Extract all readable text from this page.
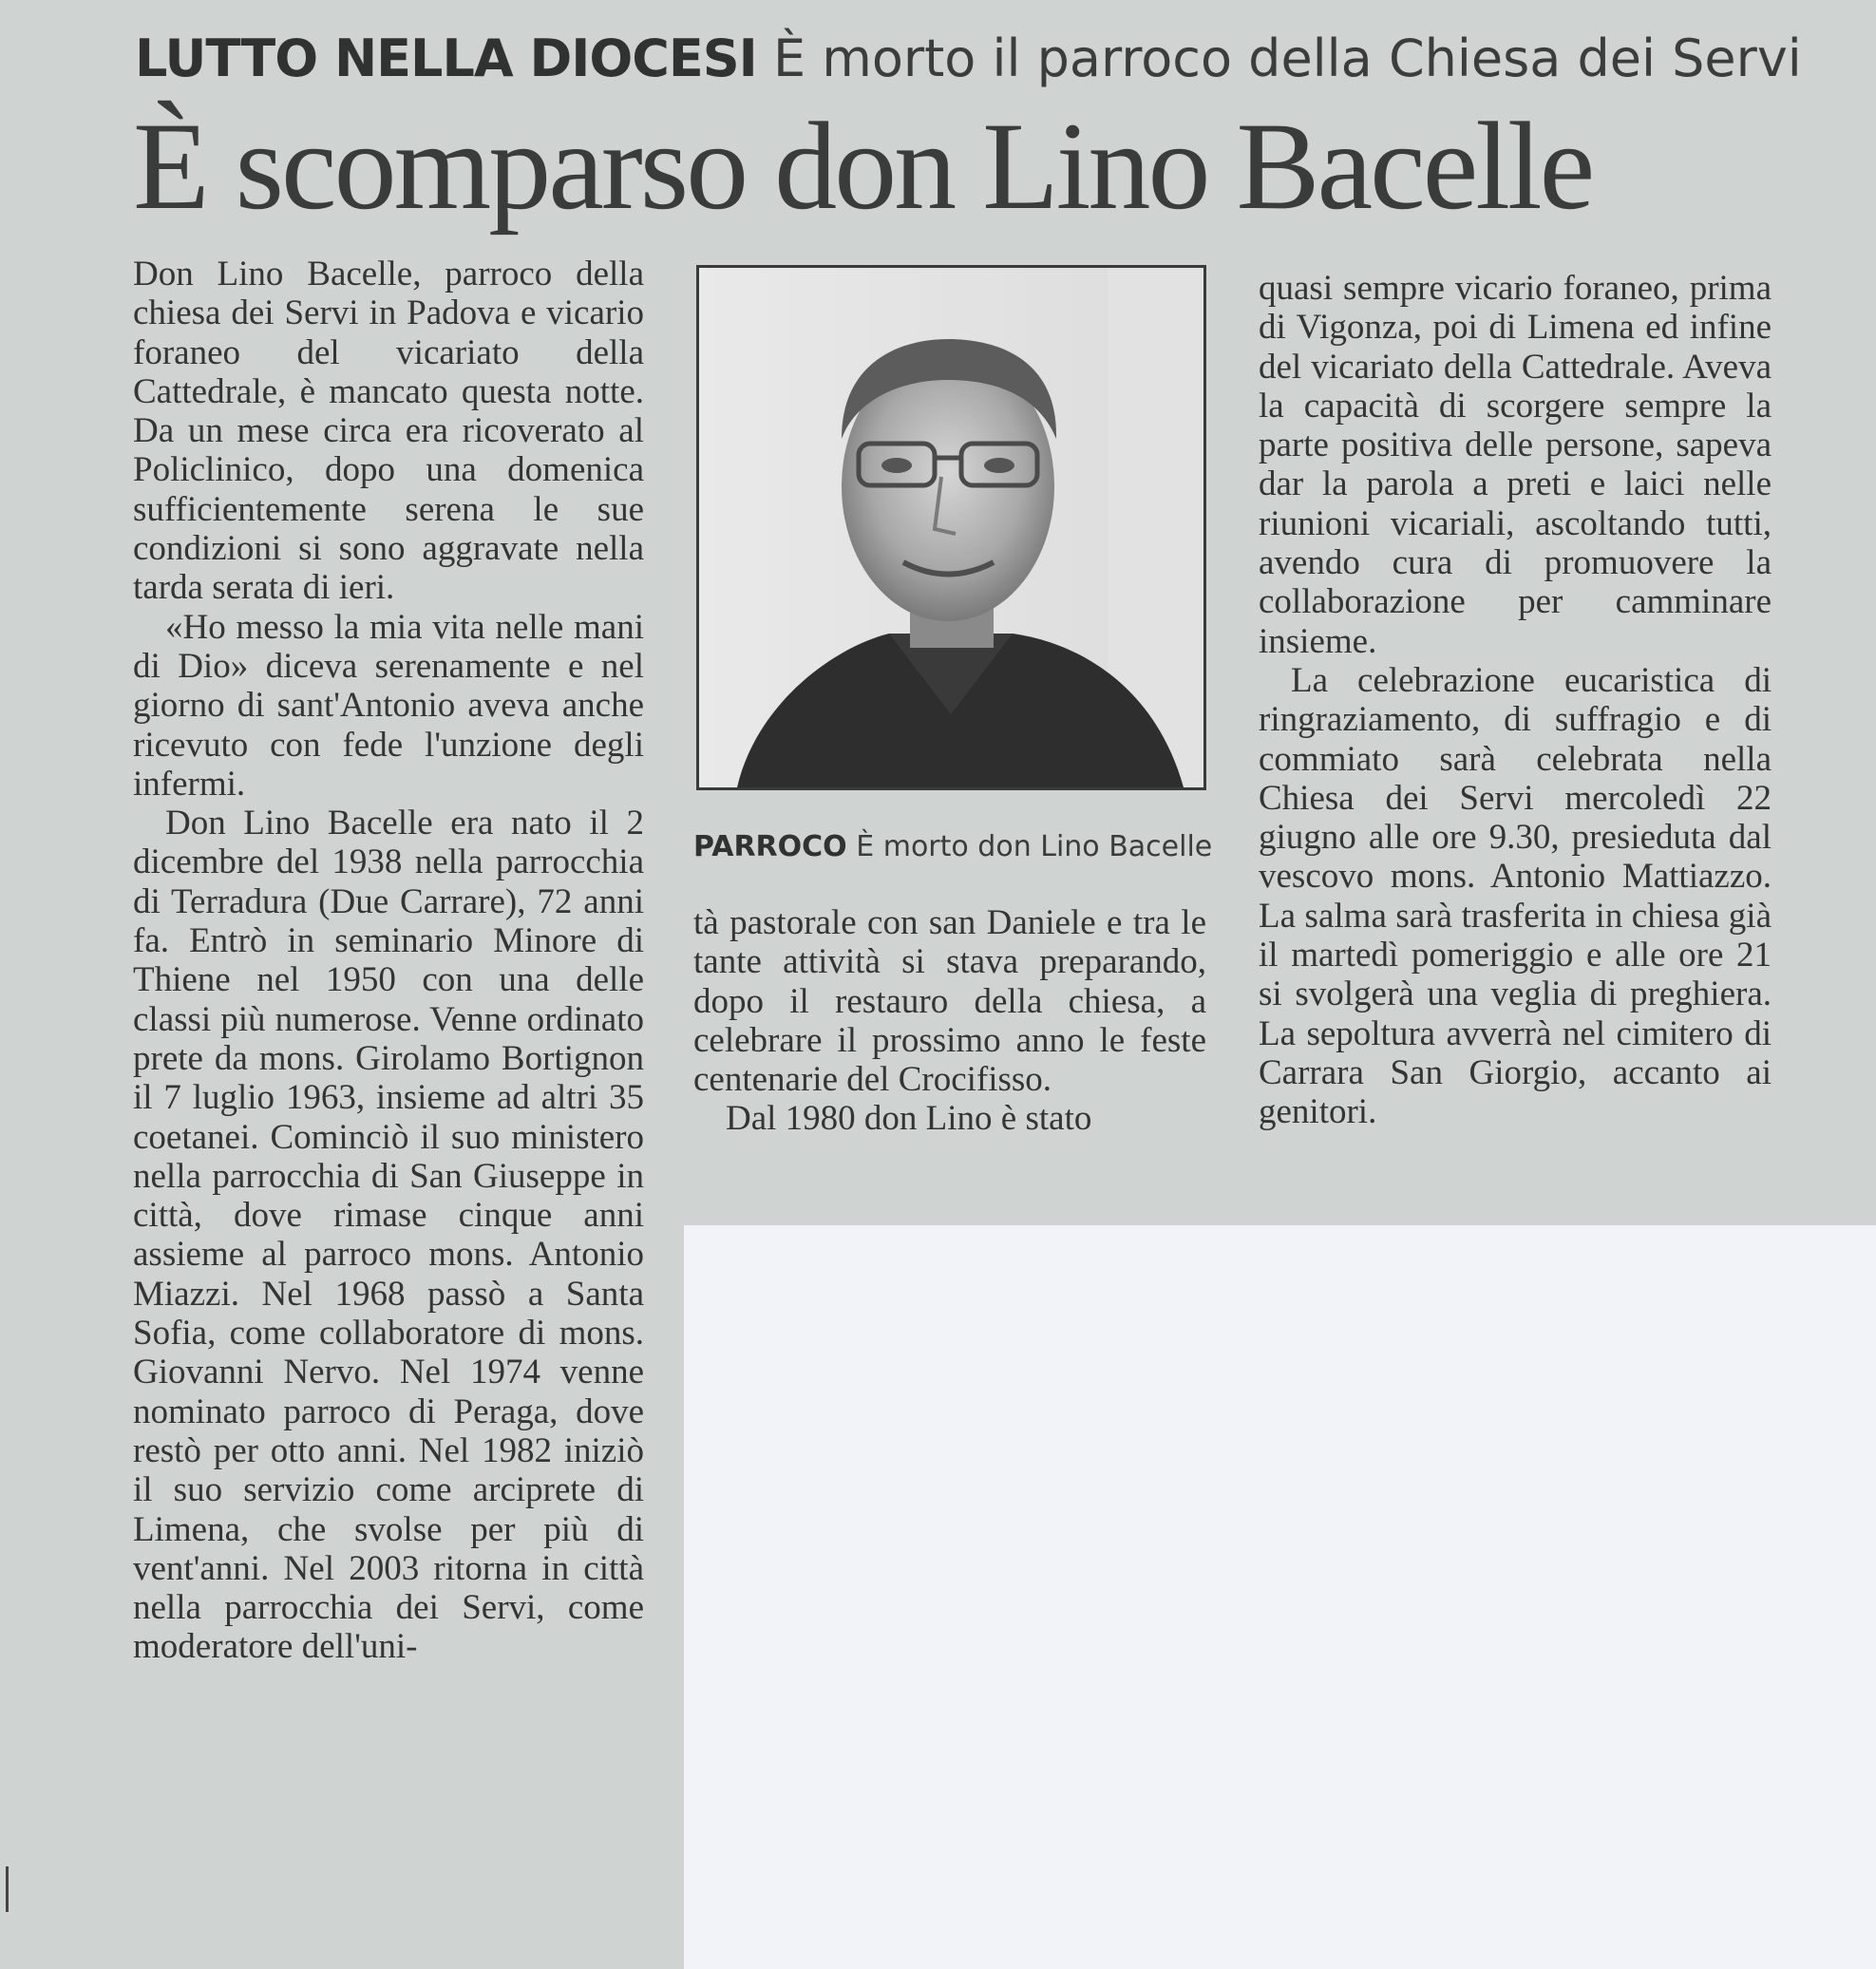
LUTTO NELLA DIOCESI È morto il parroco della Chiesa dei Servi
È scomparso don Lino Bacelle

Don Lino Bacelle, parroco della chiesa dei Servi in Padova e vicario foraneo del vicariato della Cattedrale, è mancato questa notte. Da un mese circa era ricoverato al Policlinico, dopo una domenica sufficientemente serena le sue condizioni si sono aggravate nella tarda serata di ieri.

«Ho messo la mia vita nelle mani di Dio» diceva serenamente e nel giorno di sant'Antonio aveva anche ricevuto con fede l'unzione degli infermi.

Don Lino Bacelle era nato il 2 dicembre del 1938 nella parrocchia di Terradura (Due Carrare), 72 anni fa. Entrò in seminario Minore di Thiene nel 1950 con una delle classi più numerose. Venne ordinato prete da mons. Girolamo Bortignon il 7 luglio 1963, insieme ad altri 35 coetanei. Cominciò il suo ministero nella parrocchia di San Giuseppe in città, dove rimase cinque anni assieme al parroco mons. Antonio Miazzi. Nel 1968 passò a Santa Sofia, come collaboratore di mons. Giovanni Nervo. Nel 1974 venne nominato parroco di Peraga, dove restò per otto anni. Nel 1982 iniziò il suo servizio come arciprete di Limena, che svolse per più di vent'anni. Nel 2003 ritorna in città nella parrocchia dei Servi, come moderatore dell'uni-

PARROCO È morto don Lino Bacelle

tà pastorale con san Daniele e tra le tante attività si stava preparando, dopo il restauro della chiesa, a celebrare il prossimo anno le feste centenarie del Crocifisso.

Dal 1980 don Lino è stato

quasi sempre vicario foraneo, prima di Vigonza, poi di Limena ed infine del vicariato della Cattedrale. Aveva la capacità di scorgere sempre la parte positiva delle persone, sapeva dar la parola a preti e laici nelle riunioni vicariali, ascoltando tutti, avendo cura di promuovere la collaborazione per camminare insieme.

La celebrazione eucaristica di ringraziamento, di suffragio e di commiato sarà celebrata nella Chiesa dei Servi mercoledì 22 giugno alle ore 9.30, presieduta dal vescovo mons. Antonio Mattiazzo. La salma sarà trasferita in chiesa già il martedì pomeriggio e alle ore 21 si svolgerà una veglia di preghiera. La sepoltura avverrà nel cimitero di Carrara San Giorgio, accanto ai genitori.
